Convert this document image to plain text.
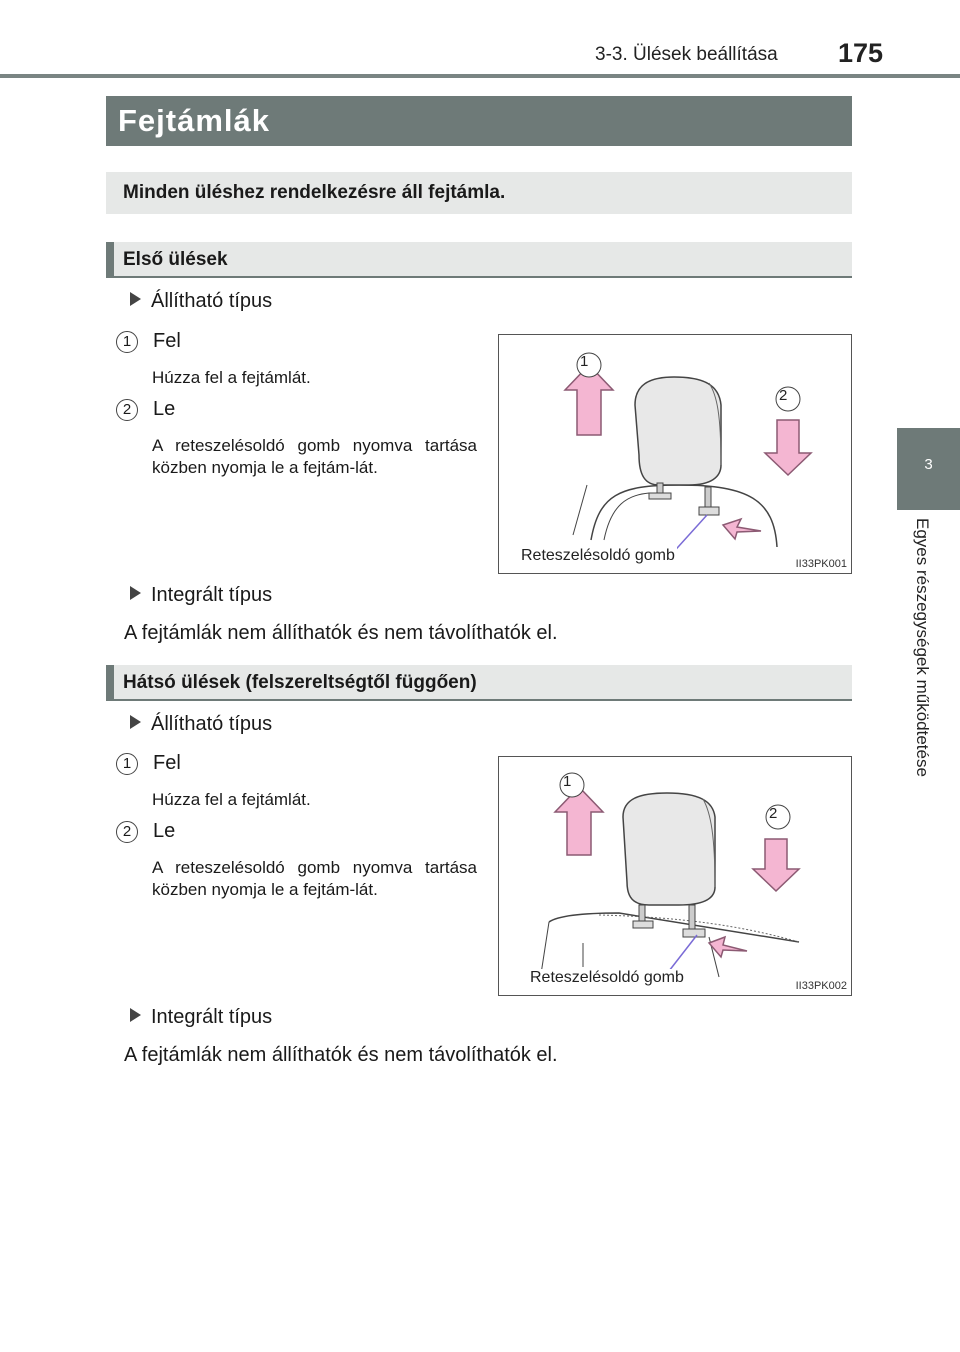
3-3. Ülések beállítása 175
3
Egyes részegységek működtetése
Fejtámlák
Minden üléshez rendelkezésre áll fejtámla.
Első ülések
Állítható típus
1	Fel
Húzza fel a fejtámlát.
2	Le
A reteszelésoldó gomb nyomva tartása közben nyomja le a fejtám-lát.
1
2
Reteszelésoldó gomb	II33PK001
Integrált típus
A fejtámlák nem állíthatók és nem távolíthatók el.
Hátsó ülések (felszereltségtől függően)
Állítható típus
1	Fel
Húzza fel a fejtámlát.
2	Le
A reteszelésoldó gomb nyomva tartása közben nyomja le a fejtám-lát.
1
2
Reteszelésoldó gomb	II33PK002
Integrált típus
A fejtámlák nem állíthatók és nem távolíthatók el.
